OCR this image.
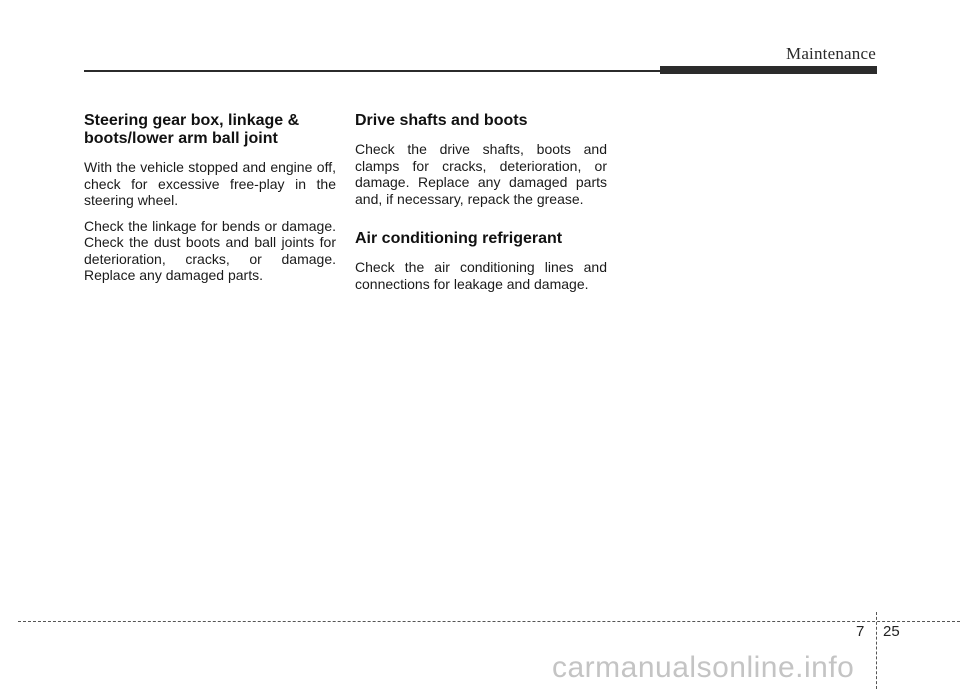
Maintenance
Steering gear box, linkage & boots/lower arm ball joint

With the vehicle stopped and engine off, check for excessive free-play in the steering wheel.

Check the linkage for bends or damage. Check the dust boots and ball joints for deterioration, cracks, or damage. Replace any damaged parts.

Drive shafts and boots

Check the drive shafts, boots and clamps for cracks, deterioration, or damage. Replace any damaged parts and, if necessary, repack the grease.

Air conditioning refrigerant

Check the air conditioning lines and connections for leakage and damage.

7 25
carmanualsonline.info
